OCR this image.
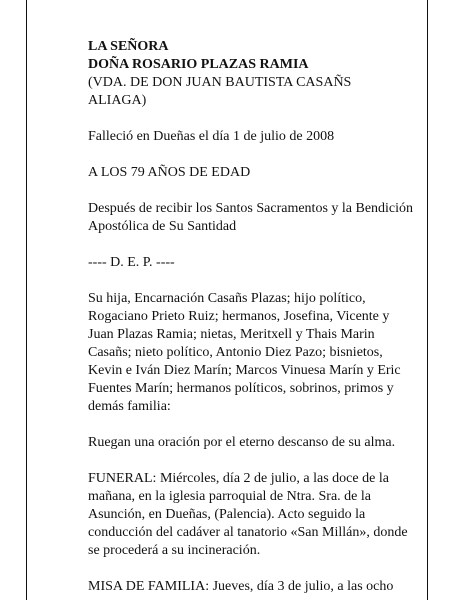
LA SEÑORA
DOÑA ROSARIO PLAZAS RAMIA
(VDA. DE DON JUAN BAUTISTA CASAÑS
ALIAGA)
Falleció en Dueñas el día 1 de julio de 2008
A LOS 79 AÑOS DE EDAD
Después de recibir los Santos Sacramentos y la Bendición Apostólica de Su Santidad
---- D. E. P. ----
Su hija, Encarnación Casañs Plazas; hijo político, Rogaciano Prieto Ruiz; hermanos, Josefina, Vicente y Juan Plazas Ramia; nietas, Meritxell y Thais Marin Casañs; nieto político, Antonio Diez Pazo; bisnietos, Kevin e Iván Diez Marín; Marcos Vinuesa Marín y Eric Fuentes Marín; hermanos políticos, sobrinos, primos y demás familia:
Ruegan una oración por el eterno descanso de su alma.
FUNERAL: Miércoles, día 2 de julio, a las doce de la mañana, en la iglesia parroquial de Ntra. Sra. de la Asunción, en Dueñas, (Palencia). Acto seguido la conducción del cadáver al tanatorio «San Millán», donde se procederá a su incineración.
MISA DE FAMILIA: Jueves, día 3 de julio, a las ocho
